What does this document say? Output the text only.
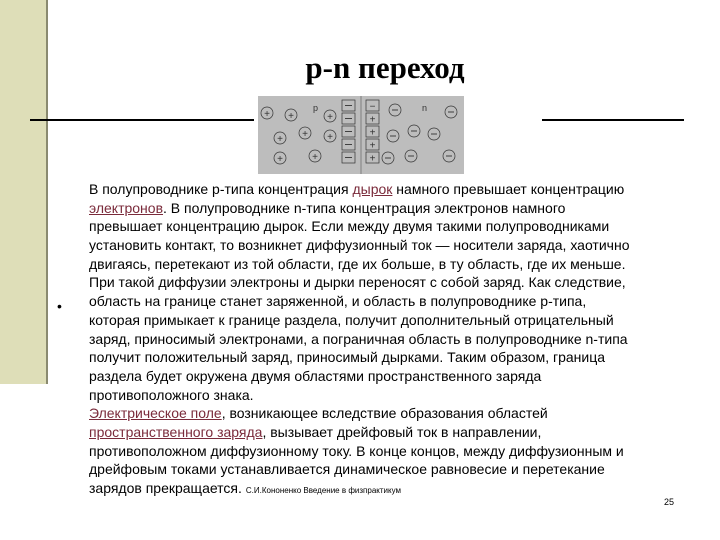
p-n переход
p	n
+ +	+
+ + +
+	+
−
+
+
+
+
•
В полупроводнике р-типа концентрация дырок намного превышает концентрацию
электронов. В полупроводнике n-типа концентрация электронов намного
превышает концентрацию дырок. Если между двумя такими полупроводниками
установить контакт, то возникнет диффузионный ток — носители заряда, хаотично
двигаясь, перетекают из той области, где их больше, в ту область, где их меньше.
При такой диффузии электроны и дырки переносят с собой заряд. Как следствие,
область на границе станет заряженной, и область в полупроводнике р-типа,
которая примыкает к границе раздела, получит дополнительный отрицательный
заряд, приносимый электронами, а пограничная область в полупроводнике n-типа
получит положительный заряд, приносимый дырками. Таким образом, граница
раздела будет окружена двумя областями пространственного заряда
противоположного знака.
Электрическое поле, возникающее вследствие образования областей
пространственного заряда, вызывает дрейфовый ток в направлении,
противоположном диффузионному току. В конце концов, между диффузионным и
дрейфовым токами устанавливается динамическое равновесие и перетекание
зарядов прекращается. С.И.Кононенко Введение в физпрактикум
25
